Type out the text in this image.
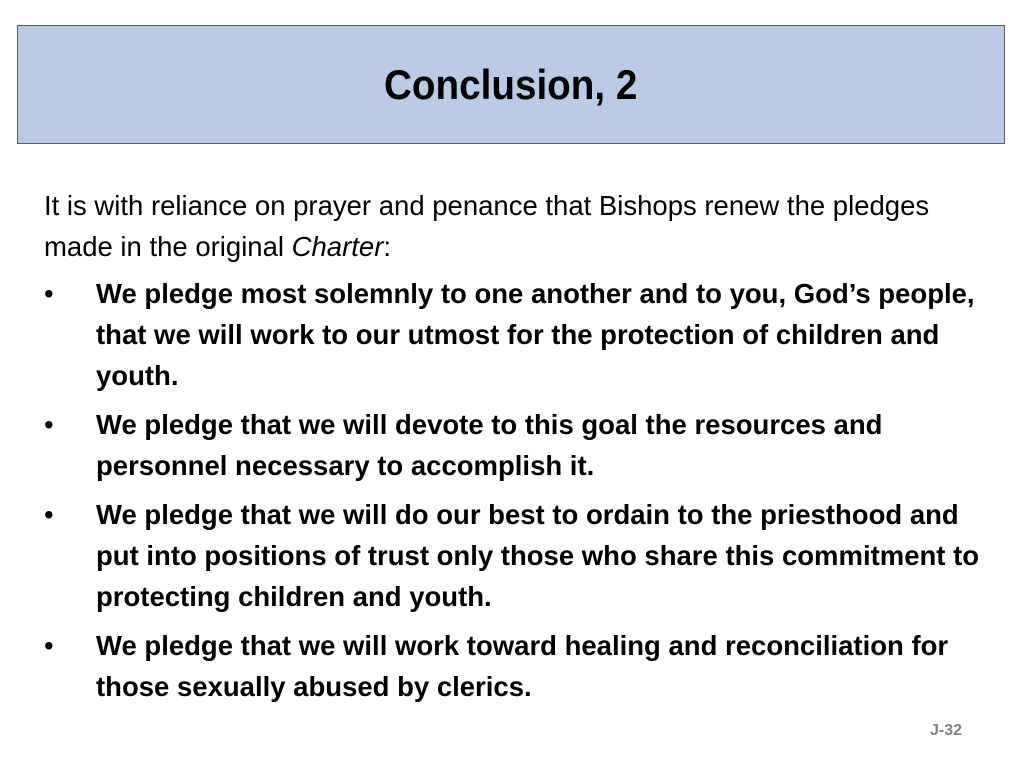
Conclusion, 2

It is with reliance on prayer and penance that Bishops renew the pledges made in the original Charter:

• We pledge most solemnly to one another and to you, God’s people, that we will work to our utmost for the protection of children and youth.
• We pledge that we will devote to this goal the resources and personnel necessary to accomplish it.
• We pledge that we will do our best to ordain to the priesthood and put into positions of trust only those who share this commitment to protecting children and youth.
• We pledge that we will work toward healing and reconciliation for those sexually abused by clerics.
J-32
